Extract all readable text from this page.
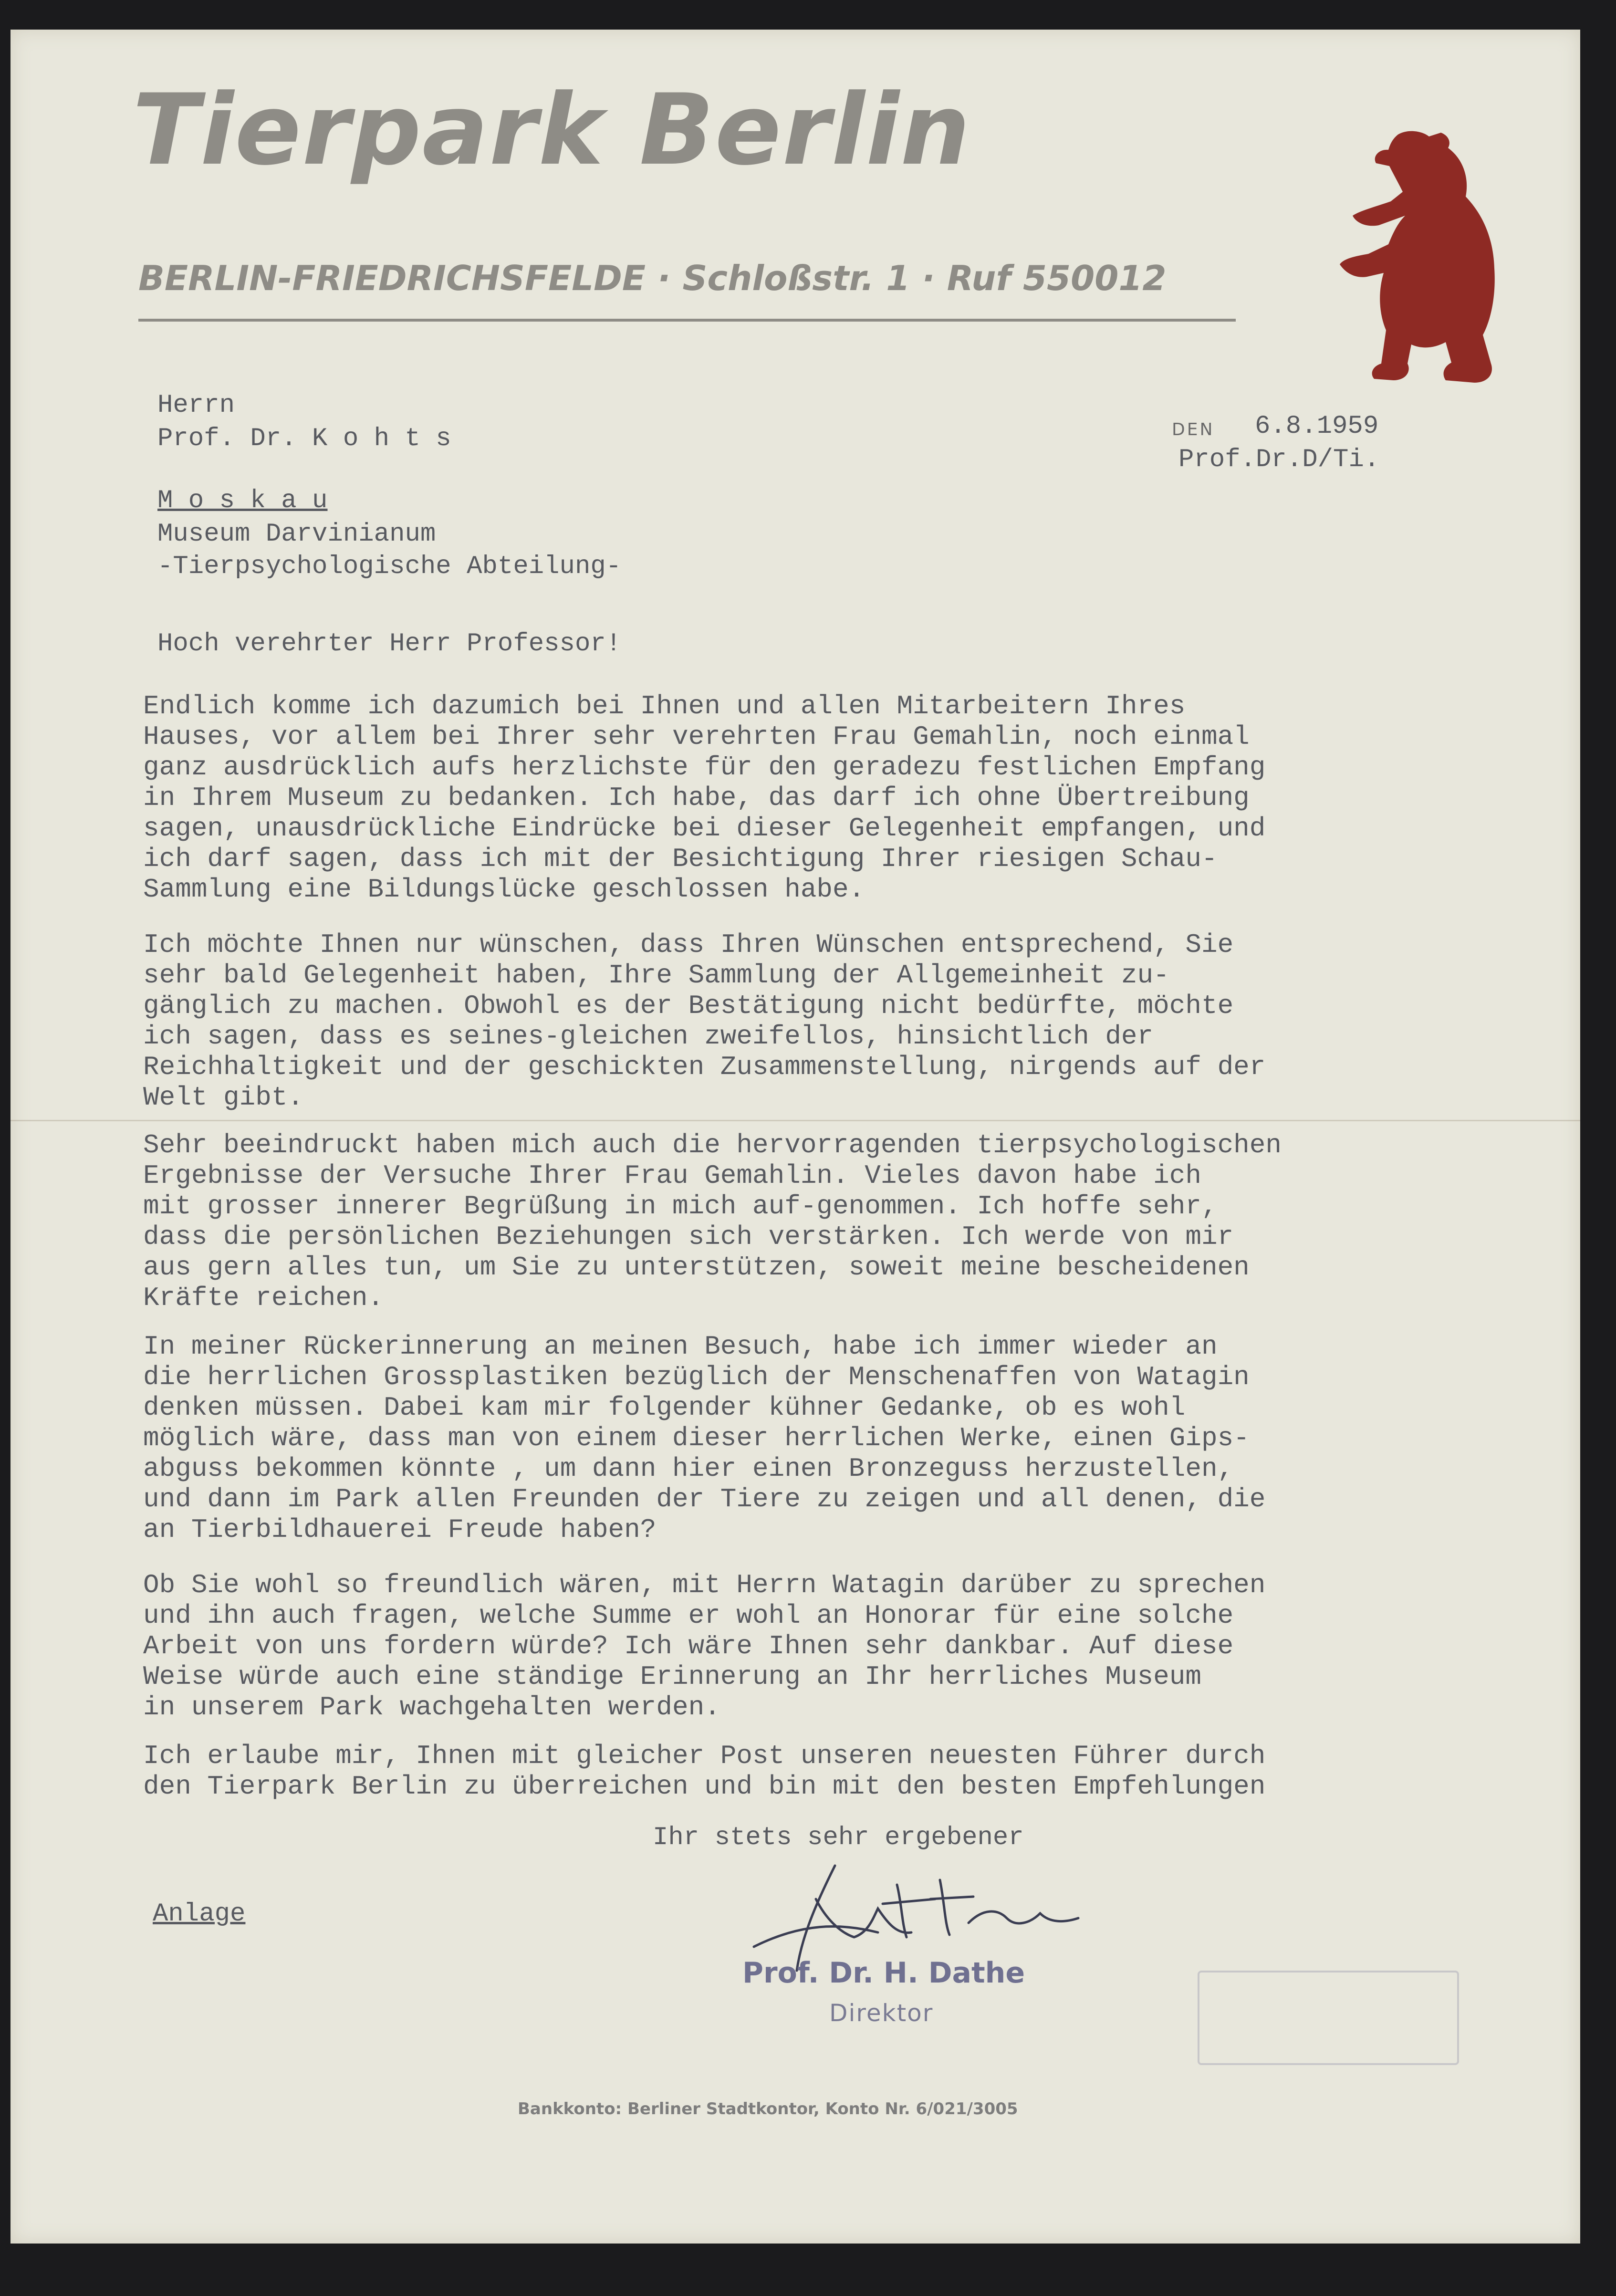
Tierpark Berlin
BERLIN-FRIEDRICHSFELDE · Schloßstr. 1 · Ruf 550012
Herrn
Prof. Dr. K o h t s
M o s k a u
Museum Darvinianum
-Tierpsychologische Abteilung-
DEN 6.8.1959
Prof.Dr.D/Ti.
Hoch verehrter Herr Professor!
Endlich komme ich dazumich bei Ihnen und allen Mitarbeitern Ihres
Hauses, vor allem bei Ihrer sehr verehrten Frau Gemahlin, noch einmal
ganz ausdrücklich aufs herzlichste für den geradezu festlichen Empfang
in Ihrem Museum zu bedanken. Ich habe, das darf ich ohne Übertreibung
sagen, unausdrückliche Eindrücke bei dieser Gelegenheit empfangen, und
ich darf sagen, dass ich mit der Besichtigung Ihrer riesigen Schau-
Sammlung eine Bildungslücke geschlossen habe.
Ich möchte Ihnen nur wünschen, dass Ihren Wünschen entsprechend, Sie
sehr bald Gelegenheit haben, Ihre Sammlung der Allgemeinheit zu-
gänglich zu machen. Obwohl es der Bestätigung nicht bedürfte, möchte
ich sagen, dass es seines-gleichen zweifellos, hinsichtlich der
Reichhaltigkeit und der geschickten Zusammenstellung, nirgends auf der
Welt gibt.
Sehr beeindruckt haben mich auch die hervorragenden tierpsychologischen
Ergebnisse der Versuche Ihrer Frau Gemahlin. Vieles davon habe ich
mit grosser innerer Begrüßung in mich auf-genommen. Ich hoffe sehr,
dass die persönlichen Beziehungen sich verstärken. Ich werde von mir
aus gern alles tun, um Sie zu unterstützen, soweit meine bescheidenen
Kräfte reichen.
In meiner Rückerinnerung an meinen Besuch, habe ich immer wieder an
die herrlichen Grossplastiken bezüglich der Menschenaffen von Watagin
denken müssen. Dabei kam mir folgender kühner Gedanke, ob es wohl
möglich wäre, dass man von einem dieser herrlichen Werke, einen Gips-
abguss bekommen könnte , um dann hier einen Bronzeguss herzustellen,
und dann im Park allen Freunden der Tiere zu zeigen und all denen, die
an Tierbildhauerei Freude haben?
Ob Sie wohl so freundlich wären, mit Herrn Watagin darüber zu sprechen
und ihn auch fragen, welche Summe er wohl an Honorar für eine solche
Arbeit von uns fordern würde? Ich wäre Ihnen sehr dankbar. Auf diese
Weise würde auch eine ständige Erinnerung an Ihr herrliches Museum
in unserem Park wachgehalten werden.
Ich erlaube mir, Ihnen mit gleicher Post unseren neuesten Führer durch
den Tierpark Berlin zu überreichen und bin mit den besten Empfehlungen
Ihr stets sehr ergebener
Anlage
Prof. Dr. H. Dathe
Direktor
Bankkonto: Berliner Stadtkontor, Konto Nr. 6/021/3005
